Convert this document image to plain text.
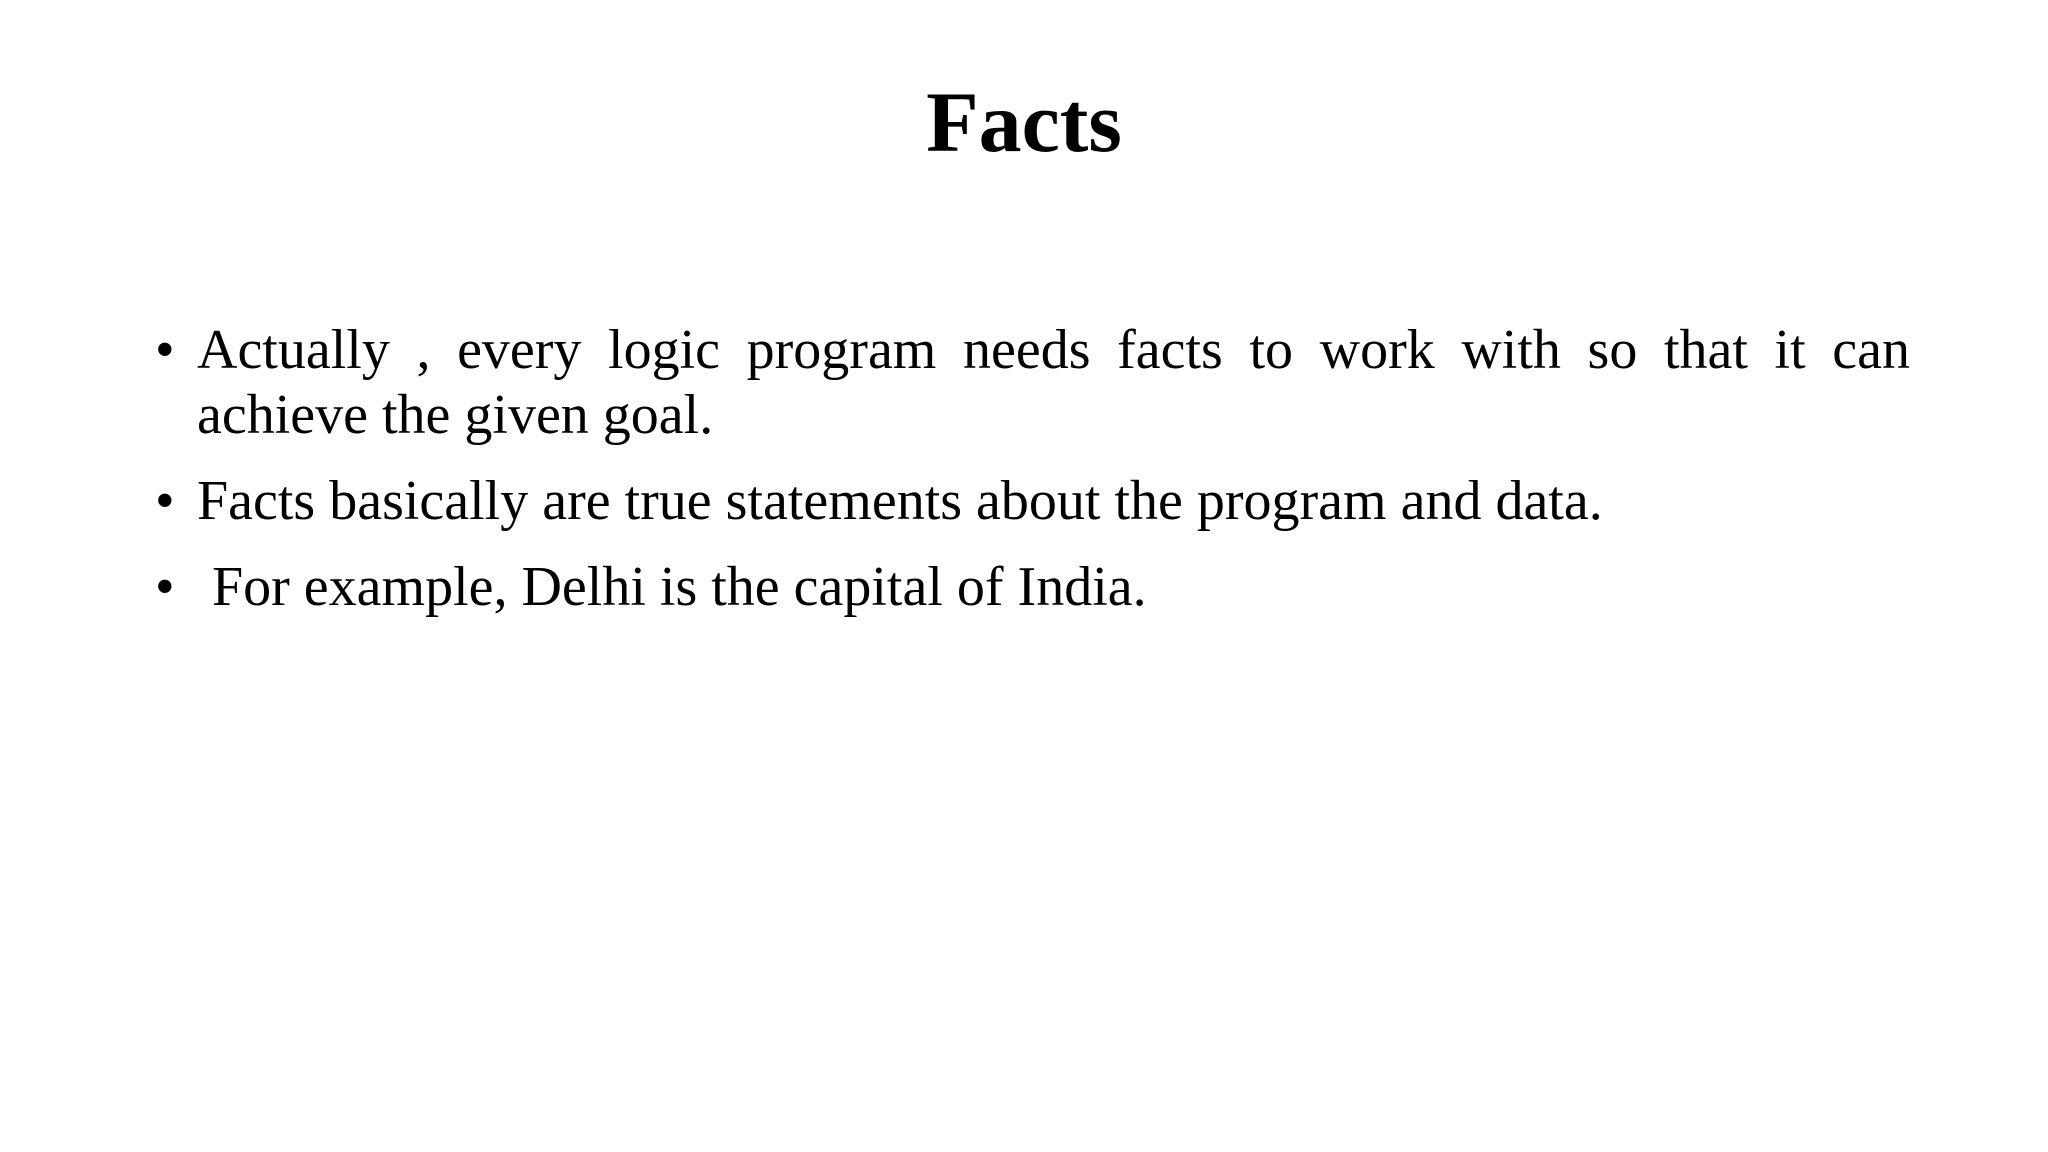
Facts
• Actually , every logic program needs facts to work with so that it can achieve the given goal.
• Facts basically are true statements about the program and data.
• For example, Delhi is the capital of India.
